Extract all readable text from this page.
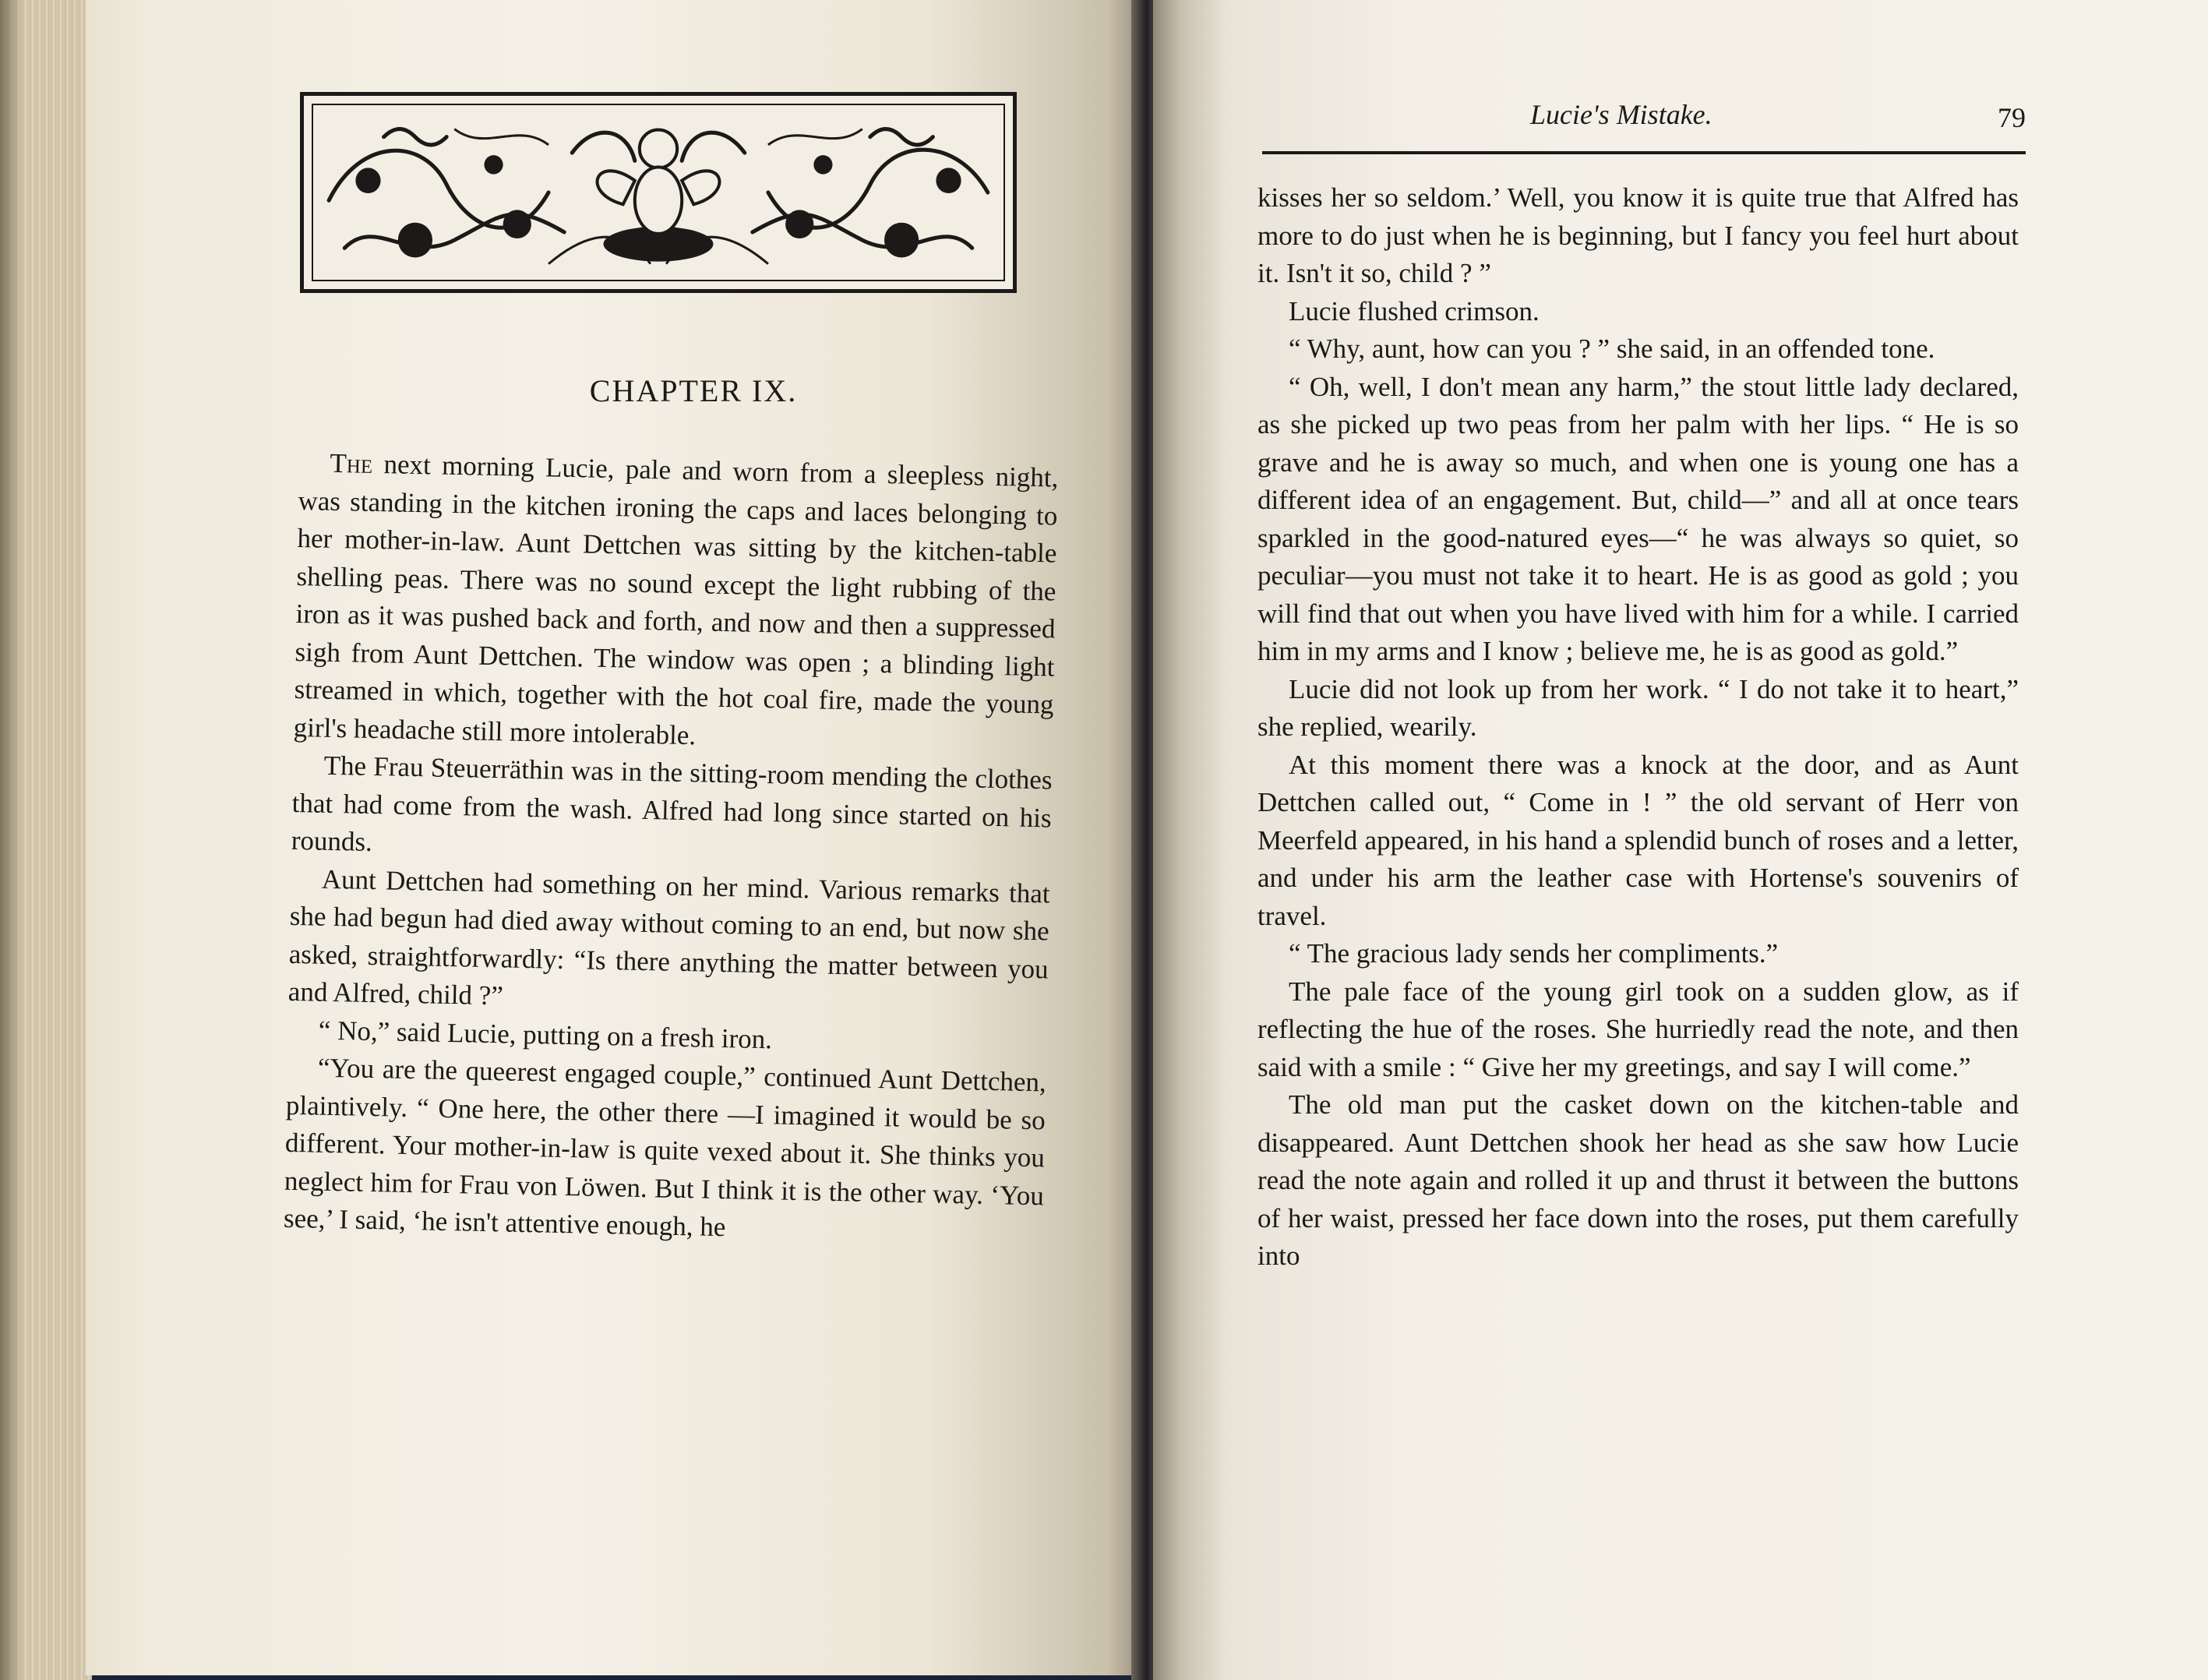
CHAPTER IX.

The next morning Lucie, pale and worn from a sleepless night, was standing in the kitchen ironing the caps and laces belonging to her mother-in-law. Aunt Dettchen was sitting by the kitchen-table shelling peas. There was no sound except the light rubbing of the iron as it was pushed back and forth, and now and then a suppressed sigh from Aunt Dettchen. The window was open ; a blinding light streamed in which, together with the hot coal fire, made the young girl's headache still more intolerable.

The Frau Steuerräthin was in the sitting-room mending the clothes that had come from the wash. Alfred had long since started on his rounds.

Aunt Dettchen had something on her mind. Various remarks that she had begun had died away without coming to an end, but now she asked, straightforwardly: “Is there anything the matter between you and Alfred, child ?”

“ No,” said Lucie, putting on a fresh iron.

“You are the queerest engaged couple,” continued Aunt Dettchen, plaintively. “ One here, the other there —I imagined it would be so different. Your mother-in-law is quite vexed about it. She thinks you neglect him for Frau von Löwen. But I think it is the other way. ‘You see,’ I said, ‘he isn't attentive enough, he

Lucie's Mistake.	79

kisses her so seldom.’ Well, you know it is quite true that Alfred has more to do just when he is beginning, but I fancy you feel hurt about it. Isn't it so, child ? ”

Lucie flushed crimson.

“ Why, aunt, how can you ? ” she said, in an offended tone.

“ Oh, well, I don't mean any harm,” the stout little lady declared, as she picked up two peas from her palm with her lips. “ He is so grave and he is away so much, and when one is young one has a different idea of an engagement. But, child—” and all at once tears sparkled in the good-natured eyes—“ he was always so quiet, so peculiar—you must not take it to heart. He is as good as gold ; you will find that out when you have lived with him for a while. I carried him in my arms and I know ; believe me, he is as good as gold.”

Lucie did not look up from her work. “ I do not take it to heart,” she replied, wearily.

At this moment there was a knock at the door, and as Aunt Dettchen called out, “ Come in ! ” the old servant of Herr von Meerfeld appeared, in his hand a splendid bunch of roses and a letter, and under his arm the leather case with Hortense's souvenirs of travel.

“ The gracious lady sends her compliments.”

The pale face of the young girl took on a sudden glow, as if reflecting the hue of the roses. She hurriedly read the note, and then said with a smile : “ Give her my greetings, and say I will come.”

The old man put the casket down on the kitchen-table and disappeared. Aunt Dettchen shook her head as she saw how Lucie read the note again and rolled it up and thrust it between the buttons of her waist, pressed her face down into the roses, put them carefully into
